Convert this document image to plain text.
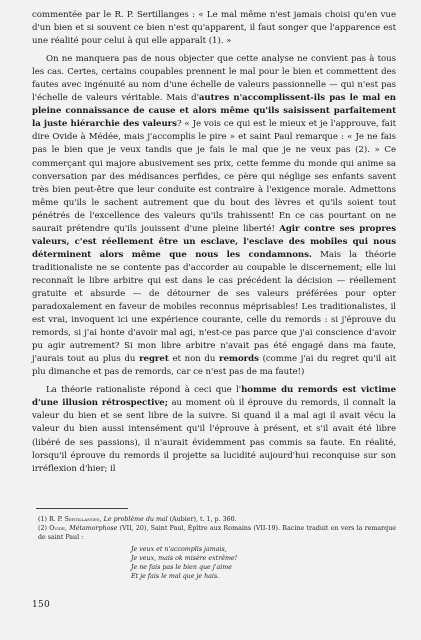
commentée par le R. P. Sertillanges : « Le mal même n'est jamais choisi qu'en vue d'un bien et si souvent ce bien n'est qu'apparent, il faut songer que l'apparence est une réalité pour celui à qui elle apparaît (1). »

On ne manquera pas de nous objecter que cette analyse ne convient pas à tous les cas. Certes, certains coupables prennent le mal pour le bien et commettent des fautes avec ingénuité au nom d'une échelle de valeurs passionnelle — qui n'est pas l'échelle de valeurs véritable. Mais d'autres n'accomplissent-ils pas le mal en pleine connaissance de cause et alors même qu'ils saisissent parfaitement la juste hiérarchie des valeurs? « Je vois ce qui est le mieux et je l'approuve, fait dire Ovide à Médée, mais j'accomplis le pire » et saint Paul remarque : « Je ne fais pas le bien que je veux tandis que je fais le mal que je ne veux pas (2). » Ce commerçant qui majore abusivement ses prix, cette femme du monde qui anime sa conversation par des médisances perfides, ce père qui néglige ses enfants savent très bien peut-être que leur conduite est contraire à l'exigence morale. Admettons même qu'ils le sachent autrement que du bout des lèvres et qu'ils soient tout pénétrés de l'excellence des valeurs qu'ils trahissent! En ce cas pourtant on ne saurait prétendre qu'ils jouissent d'une pleine liberté! Agir contre ses propres valeurs, c'est réellement être un esclave, l'esclave des mobiles qui nous déterminent alors même que nous les condamnons. Mais la théorie traditionaliste ne se contente pas d'accorder au coupable le discernement; elle lui reconnaît le libre arbitre qui est dans le cas précédent la décision — réellement gratuite et absurde — de détourner de ses valeurs préférées pour opter paradoxalement en faveur de mobiles reconnus méprisables! Les traditionalistes, il est vrai, invoquent ici une expérience courante, celle du remords : si j'éprouve du remords, si j'ai honte d'avoir mal agi, n'est-ce pas parce que j'ai conscience d'avoir pu agir autrement? Si mon libre arbitre n'avait pas été engagé dans ma faute, j'aurais tout au plus du regret et non du remords (comme j'ai du regret qu'il ait plu dimanche et pas de remords, car ce n'est pas de ma faute!)

La théorie rationaliste répond à ceci que l'homme du remords est victime d'une illusion rétrospective; au moment où il éprouve du remords, il connaît la valeur du bien et se sent libre de la suivre. Si quand il a mal agi il avait vécu la valeur du bien aussi intensément qu'il l'éprouve à présent, et s'il avait été libre (libéré de ses passions), il n'aurait évidemment pas commis sa faute. En réalité, lorsqu'il éprouve du remords il projette sa lucidité aujourd'hui reconquise sur son irréflexion d'hier; il

(1) R. P. Sertillanges, Le problème du mal (Aubier), t. 1, p. 360.

(2) Ovide, Métamorphose (VII, 20), Saint Paul, Épître aux Romains (VII-19). Racine traduit en vers la remarque de saint Paul :

Je veux et n'accomplis jamais,
Je veux, mais ok misère extrême!
Je ne fais pas le bien que j'aime
Et je fais le mal que je hais.
150
